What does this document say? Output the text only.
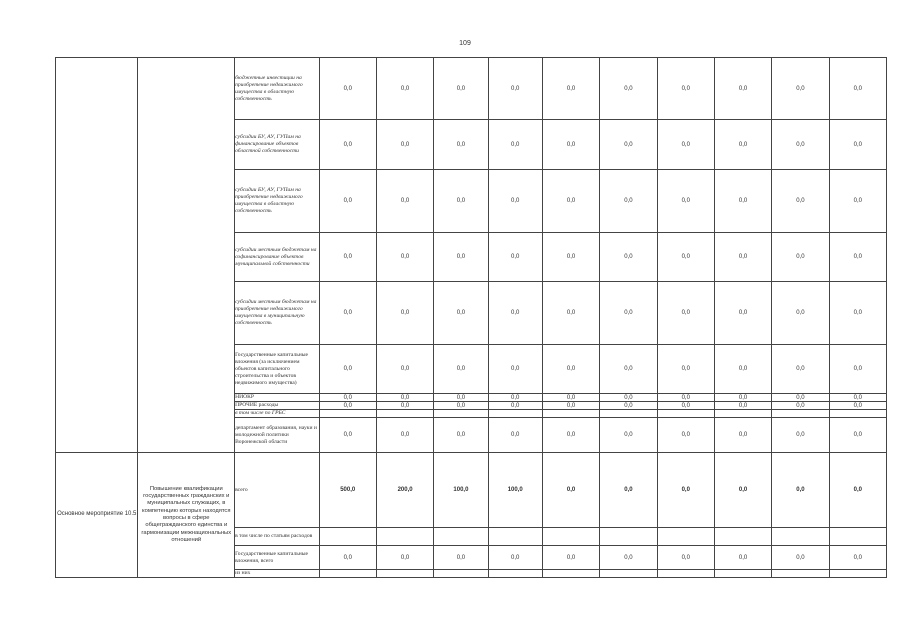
109
		бюджетные инвестиции на приобретение недвижимого имущества в областную собственность	0,0	0,0	0,0	0,0	0,0	0,0	0,0	0,0	0,0	0,0
		субсидии БУ, АУ, ГУПам на финансирование объектов областной собственности	0,0	0,0	0,0	0,0	0,0	0,0	0,0	0,0	0,0	0,0
		субсидии БУ, АУ, ГУПам на приобретение недвижимого имущества в областную собственность	0,0	0,0	0,0	0,0	0,0	0,0	0,0	0,0	0,0	0,0
		субсидии местным бюджетам на софинансирование объектов муниципальной собственности	0,0	0,0	0,0	0,0	0,0	0,0	0,0	0,0	0,0	0,0
		субсидии местным бюджетам на приобретение недвижимого имущества в муниципальную собственность	0,0	0,0	0,0	0,0	0,0	0,0	0,0	0,0	0,0	0,0
		Государственные капитальные вложения (за исключением объектов капитального строительства и объектов недвижимого имущества)	0,0	0,0	0,0	0,0	0,0	0,0	0,0	0,0	0,0	0,0
		НИОКР	0,0	0,0	0,0	0,0	0,0	0,0	0,0	0,0	0,0	0,0
		ПРОЧИЕ расходы	0,0	0,0	0,0	0,0	0,0	0,0	0,0	0,0	0,0	0,0
		в том числе по ГРБС										
		департамент образования, науки и молодежной политики Воронежской области	0,0	0,0	0,0	0,0	0,0	0,0	0,0	0,0	0,0	0,0
Основное мероприятие 10.5	Повышение квалификации государственных гражданских и муниципальных служащих, в компетенцию которых находятся вопросы в сфере общегражданского единства и гармонизации межнациональных отношений	всего	500,0	200,0	100,0	100,0	0,0	0,0	0,0	0,0	0,0	0,0
		в том числе по статьям расходов										
		Государственные капитальные вложения, всего	0,0	0,0	0,0	0,0	0,0	0,0	0,0	0,0	0,0	0,0
		из них										
